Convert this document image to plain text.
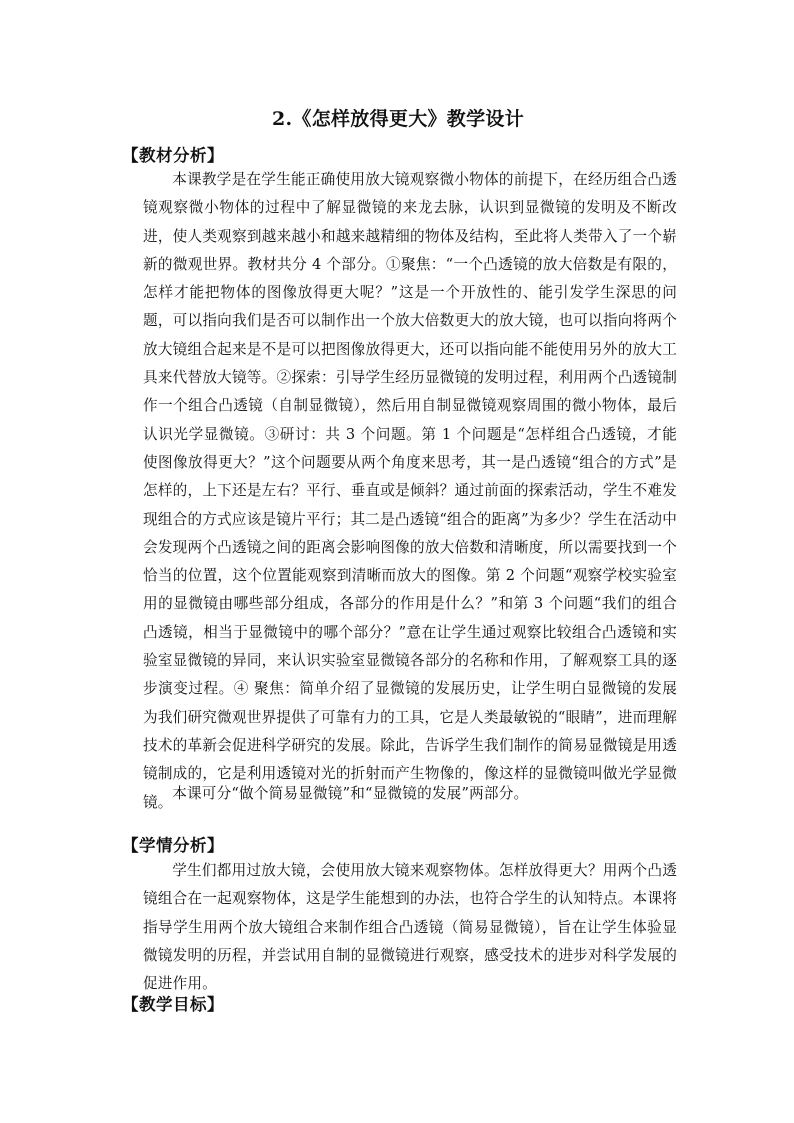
2.《怎样放得更大》教学设计
【教材分析】

本课教学是在学生能正确使用放大镜观察微小物体的前提下，在经历组合凸透镜观察微小物体的过程中了解显微镜的来龙去脉，认识到显微镜的发明及不断改进，使人类观察到越来越小和越来越精细的物体及结构，至此将人类带入了一个崭新的微观世界。教材共分 4 个部分。①聚焦：“一个凸透镜的放大倍数是有限的，怎样才能把物体的图像放得更大呢？”这是一个开放性的、能引发学生深思的问题，可以指向我们是否可以制作出一个放大倍数更大的放大镜，也可以指向将两个放大镜组合起来是不是可以把图像放得更大，还可以指向能不能使用另外的放大工具来代替放大镜等。②探索：引导学生经历显微镜的发明过程，利用两个凸透镜制作一个组合凸透镜（自制显微镜），然后用自制显微镜观察周围的微小物体，最后认识光学显微镜。③研讨：共 3 个问题。第 1 个问题是“怎样组合凸透镜，才能使图像放得更大？”这个问题要从两个角度来思考，其一是凸透镜“组合的方式”是怎样的，上下还是左右？平行、垂直或是倾斜？通过前面的探索活动，学生不难发现组合的方式应该是镜片平行；其二是凸透镜“组合的距离”为多少？学生在活动中会发现两个凸透镜之间的距离会影响图像的放大倍数和清晰度，所以需要找到一个恰当的位置，这个位置能观察到清晰而放大的图像。第 2 个问题“观察学校实验室用的显微镜由哪些部分组成，各部分的作用是什么？”和第 3 个问题“我们的组合凸透镜，相当于显微镜中的哪个部分？”意在让学生通过观察比较组合凸透镜和实验室显微镜的异同，来认识实验室显微镜各部分的名称和作用，了解观察工具的逐步演变过程。④ 聚焦：简单介绍了显微镜的发展历史，让学生明白显微镜的发展为我们研究微观世界提供了可靠有力的工具，它是人类最敏锐的“眼睛”，进而理解技术的革新会促进科学研究的发展。除此，告诉学生我们制作的简易显微镜是用透镜制成的，它是利用透镜对光的折射而产生物像的，像这样的显微镜叫做光学显微镜。

本课可分“做个简易显微镜”和“显微镜的发展”两部分。

【学情分析】

学生们都用过放大镜，会使用放大镜来观察物体。怎样放得更大？用两个凸透镜组合在一起观察物体，这是学生能想到的办法，也符合学生的认知特点。本课将指导学生用两个放大镜组合来制作组合凸透镜（简易显微镜），旨在让学生体验显微镜发明的历程，并尝试用自制的显微镜进行观察，感受技术的进步对科学发展的促进作用。

【教学目标】
